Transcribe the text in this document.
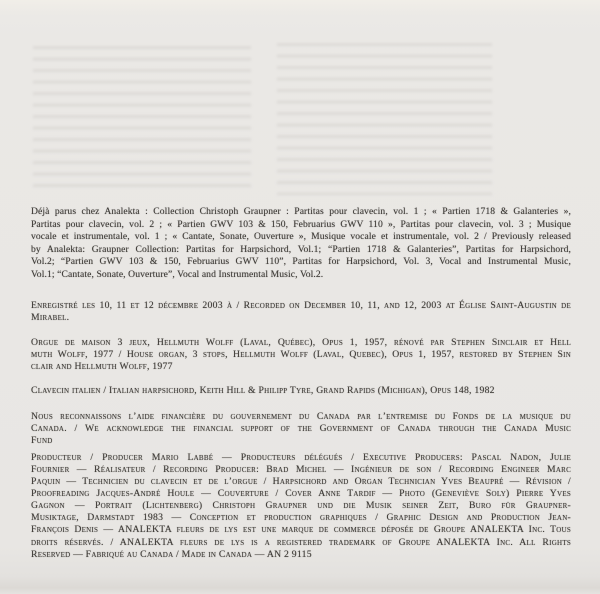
Déjà parus chez Analekta : Collection Christoph Graupner : Partitas pour clavecin, vol. 1 ; « Partien 1718 & Galanteries »,
Partitas pour clavecin, vol. 2 ; « Partien GWV 103 & 150, Februarius GWV 110 », Partitas pour clavecin, vol. 3 ; Musique
vocale et instrumentale, vol. 1 ; « Cantate, Sonate, Ouverture », Musique vocale et instrumentale, vol. 2 / Previously released
by Analekta: Graupner Collection: Partitas for Harpsichord, Vol.1; “Partien 1718 & Galanteries”, Partitas for Harpsichord,
Vol.2; “Partien GWV 103 & 150, Februarius GWV 110”, Partitas for Harpsichord, Vol. 3, Vocal and Instrumental Music,
Vol.1; “Cantate, Sonate, Ouverture”, Vocal and Instrumental Music, Vol.2.
Enregistré les 10, 11 et 12 décembre 2003 à / Recorded on December 10, 11, and 12, 2003 at Église Saint-Augustin de
Mirabel.
Orgue de maison 3 jeux, Hellmuth Wolff (Laval, Québec), Opus 1, 1957, rénové par Stephen Sinclair et Hell
muth Wolff, 1977 / House organ, 3 stops, Hellmuth Wolff (Laval, Quebec), Opus 1, 1957, restored by Stephen Sin
clair and Hellmuth Wolff, 1977
Clavecin italien / Italian harpsichord, Keith Hill & Philipp Tyre, Grand Rapids (Michigan), Opus 148, 1982
Nous reconnaissons l’aide financière du gouvernement du Canada par l’entremise du Fonds de la musique du
Canada. / We acknowledge the financial support of the Government of Canada through the Canada Music
Fund
Producteur / Producer Mario Labbé — Producteurs délégués / Executive Producers: Pascal Nadon, Julie
Fournier — Réalisateur / Recording Producer: Brad Michel — Ingénieur de son / Recording Engineer Marc
Paquin — Technicien du clavecin et de l’orgue / Harpsichord and Organ Technician Yves Beaupré — Révision /
Proofreading Jacques-André Houle — Couverture / Cover Anne Tardif — Photo (Geneviève Soly) Pierre Yves
Gagnon — Portrait (Lichtenberg) Christoph Graupner und die Musik seiner Zeit, Buro für Graupner-
Musiktage, Darmstadt 1983 — Conception et production graphiques / Graphic Design and Production Jean-
François Denis — ANALEKTA fleurs de lys est une marque de commerce déposée de Groupe ANALEKTA Inc. Tous
droits réservés. / ANALEKTA fleurs de lys is a registered trademark of Groupe ANALEKTA Inc. All Rights
Reserved — Fabriqué au Canada / Made in Canada — AN 2 9115
